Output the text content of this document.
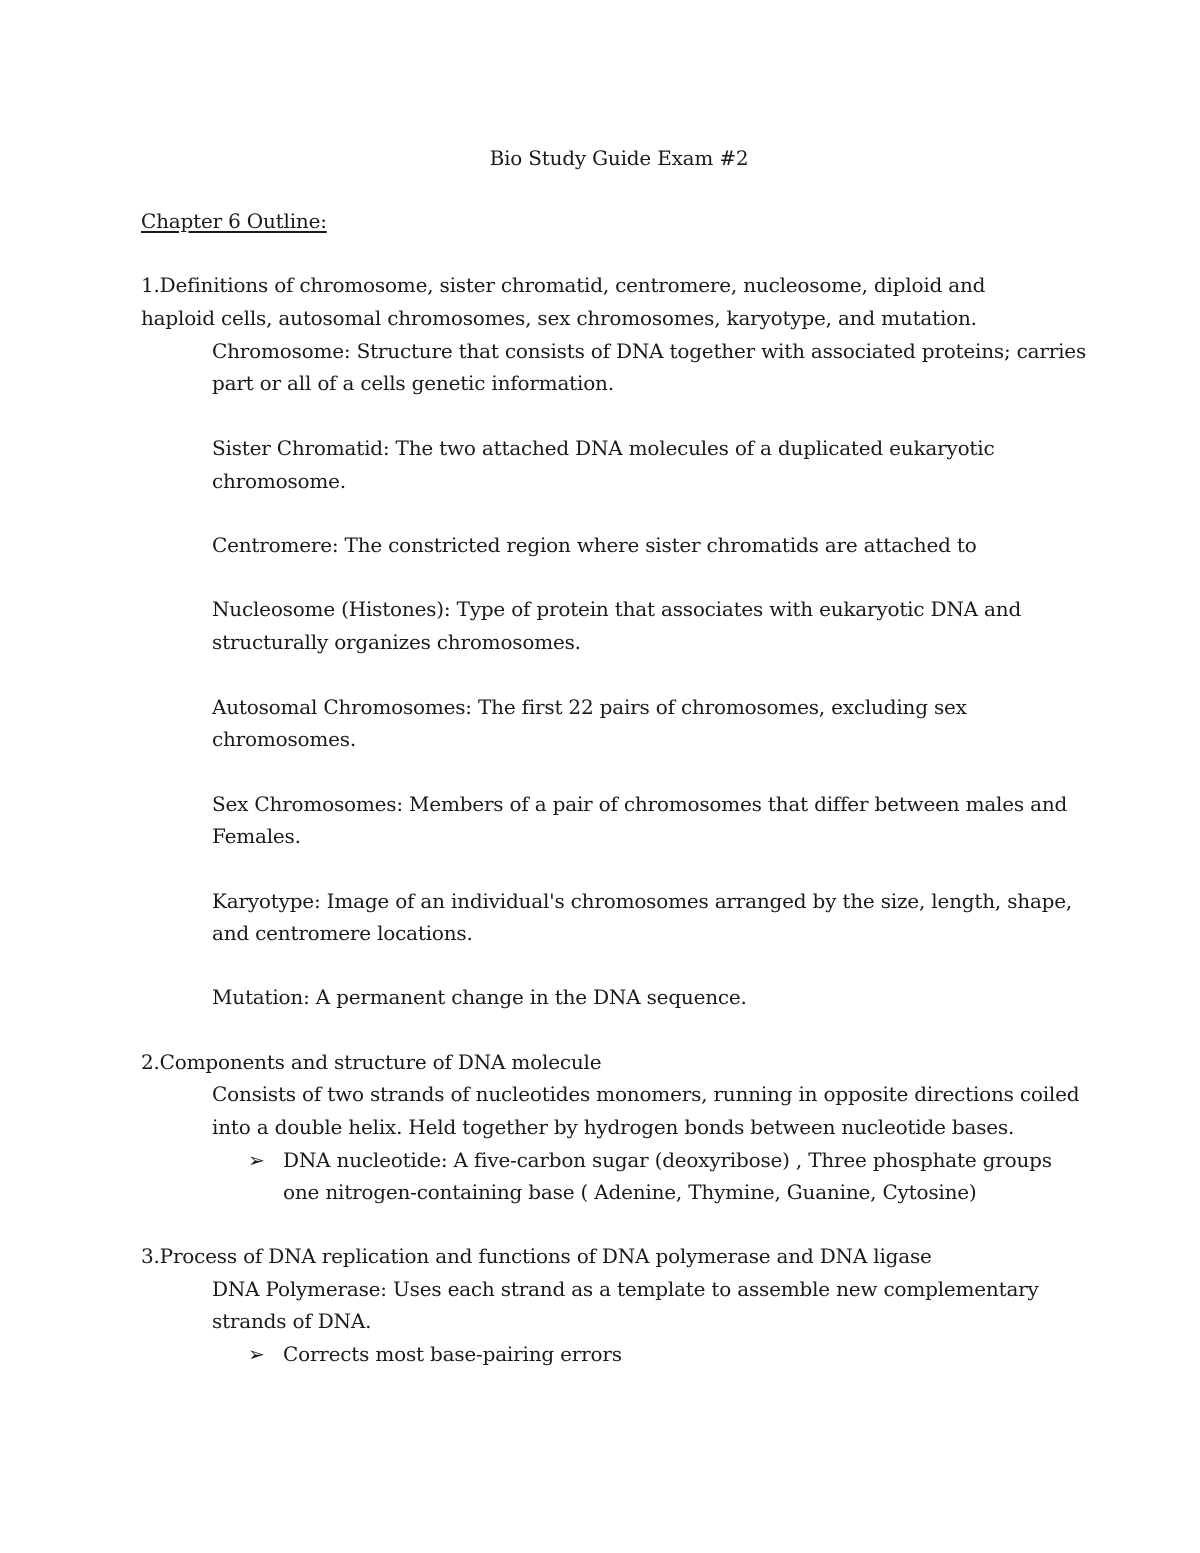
Bio Study Guide Exam #2
Chapter 6 Outline:
1.Definitions of chromosome, sister chromatid, centromere, nucleosome, diploid and
haploid cells, autosomal chromosomes, sex chromosomes, karyotype, and mutation.
Chromosome: Structure that consists of DNA together with associated proteins; carries
part or all of a cells genetic information.
Sister Chromatid: The two attached DNA molecules of a duplicated eukaryotic
chromosome.
Centromere: The constricted region where sister chromatids are attached to
Nucleosome (Histones): Type of protein that associates with eukaryotic DNA and
structurally organizes chromosomes.
Autosomal Chromosomes: The first 22 pairs of chromosomes, excluding sex
chromosomes.
Sex Chromosomes: Members of a pair of chromosomes that differ between males and
Females.
Karyotype: Image of an individual's chromosomes arranged by the size, length, shape,
and centromere locations.
Mutation: A permanent change in the DNA sequence.
2.Components and structure of DNA molecule
Consists of two strands of nucleotides monomers, running in opposite directions coiled
into a double helix. Held together by hydrogen bonds between nucleotide bases.
➢ DNA nucleotide: A five-carbon sugar (deoxyribose) , Three phosphate groups
one nitrogen-containing base ( Adenine, Thymine, Guanine, Cytosine)
3.Process of DNA replication and functions of DNA polymerase and DNA ligase
DNA Polymerase: Uses each strand as a template to assemble new complementary
strands of DNA.
➢ Corrects most base-pairing errors
